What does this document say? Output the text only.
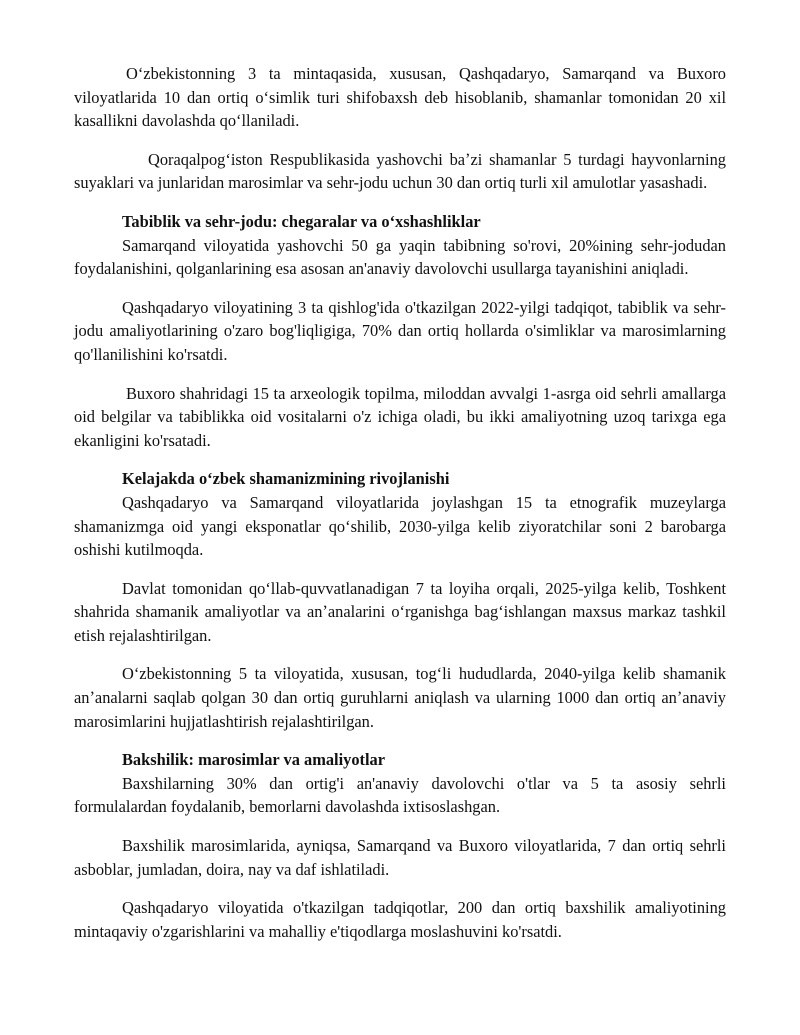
Oʻzbekistonning 3 ta mintaqasida, xususan, Qashqadaryo, Samarqand va Buxoro viloyatlarida 10 dan ortiq oʻsimlik turi shifobaxsh deb hisoblanib, shamanlar tomonidan 20 xil kasallikni davolashda qoʻllaniladi.

Qoraqalpogʻiston Respublikasida yashovchi baʼzi shamanlar 5 turdagi hayvonlarning suyaklari va junlaridan marosimlar va sehr-jodu uchun 30 dan ortiq turli xil amulotlar yasashadi.

Tabiblik va sehr-jodu: chegaralar va oʻxshashliklar

Samarqand viloyatida yashovchi 50 ga yaqin tabibning so'rovi, 20%ining sehr-jodudan foydalanishini, qolganlarining esa asosan an'anaviy davolovchi usullarga tayanishini aniqladi.

Qashqadaryo viloyatining 3 ta qishlog'ida o'tkazilgan 2022-yilgi tadqiqot, tabiblik va sehr-jodu amaliyotlarining o'zaro bog'liqligiga, 70% dan ortiq hollarda o'simliklar va marosimlarning qo'llanilishini ko'rsatdi.

Buxoro shahridagi 15 ta arxeologik topilma, miloddan avvalgi 1-asrga oid sehrli amallarga oid belgilar va tabiblikka oid vositalarni o'z ichiga oladi, bu ikki amaliyotning uzoq tarixga ega ekanligini ko'rsatadi.

Kelajakda oʻzbek shamanizmining rivojlanishi

Qashqadaryo va Samarqand viloyatlarida joylashgan 15 ta etnografik muzeylarga shamanizmga oid yangi eksponatlar qoʻshilib, 2030-yilga kelib ziyoratchilar soni 2 barobarga oshishi kutilmoqda.

Davlat tomonidan qoʻllab-quvvatlanadigan 7 ta loyiha orqali, 2025-yilga kelib, Toshkent shahrida shamanik amaliyotlar va anʼanalarini oʻrganishga bagʻishlangan maxsus markaz tashkil etish rejalashtirilgan.

Oʻzbekistonning 5 ta viloyatida, xususan, togʻli hududlarda, 2040-yilga kelib shamanik anʼanalarni saqlab qolgan 30 dan ortiq guruhlarni aniqlash va ularning 1000 dan ortiq anʼanaviy marosimlarini hujjatlashtirish rejalashtirilgan.

Bakshilik: marosimlar va amaliyotlar

Baxshilarning 30% dan ortig'i an'anaviy davolovchi o'tlar va 5 ta asosiy sehrli formulalardan foydalanib, bemorlarni davolashda ixtisoslashgan.

Baxshilik marosimlarida, ayniqsa, Samarqand va Buxoro viloyatlarida, 7 dan ortiq sehrli asboblar, jumladan, doira, nay va daf ishlatiladi.

Qashqadaryo viloyatida o'tkazilgan tadqiqotlar, 200 dan ortiq baxshilik amaliyotining mintaqaviy o'zgarishlarini va mahalliy e'tiqodlarga moslashuvini ko'rsatdi.
